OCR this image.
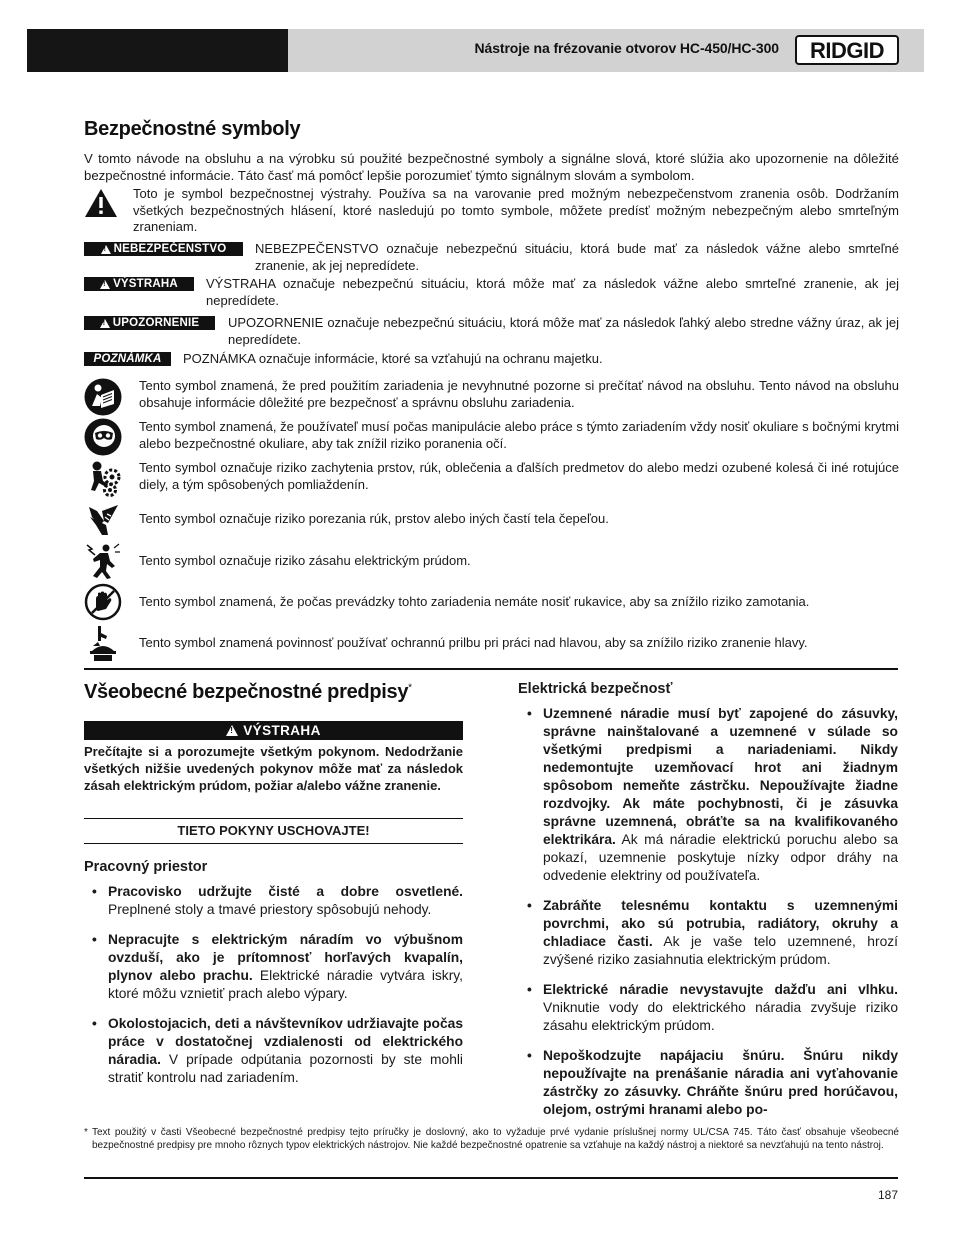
Nástroje na frézovanie otvorov HC-450/HC-300 RIDGID
Bezpečnostné symboly
V tomto návode na obsluhu a na výrobku sú použité bezpečnostné symboly a signálne slová, ktoré slúžia ako upozornenie na dôležité bezpečnostné informácie. Táto časť má pomôcť lepšie porozumieť týmto signálnym slovám a symbolom.
Toto je symbol bezpečnostnej výstrahy. Používa sa na varovanie pred možným nebezpečenstvom zranenia osôb. Dodržaním všetkých bezpečnostných hlásení, ktoré nasledujú po tomto symbole, môžete predísť možným nebezpečným alebo smrteľným zraneniam.
!
NEBEZPEČENSTVO NEBEZPEČENSTVO označuje nebezpečnú situáciu, ktorá bude mať za následok vážne alebo smrteľné zranenie, ak jej nepredídete.
!
VÝSTRAHA VÝSTRAHA označuje nebezpečnú situáciu, ktorá môže mať za následok vážne alebo smrteľné zranenie, ak jej nepredídete.
!
UPOZORNENIE UPOZORNENIE označuje nebezpečnú situáciu, ktorá môže mať za následok ľahký alebo stredne vážny úraz, ak jej nepredídete.
POZNÁMKA	POZNÁMKA označuje informácie, ktoré sa vzťahujú na ochranu majetku.
Tento symbol znamená, že pred použitím zariadenia je nevyhnutné pozorne si prečítať návod na obsluhu. Tento návod na obsluhu obsahuje informácie dôležité pre bezpečnosť a správnu obsluhu zariadenia.
Tento symbol znamená, že používateľ musí počas manipulácie alebo práce s týmto zariadením vždy nosiť okuliare s bočnými krytmi alebo bezpečnostné okuliare, aby tak znížil riziko poranenia očí.
Tento symbol označuje riziko zachytenia prstov, rúk, oblečenia a ďalších predmetov do alebo medzi ozubené kolesá či iné rotujúce diely, a tým spôsobených pomliaždenín.
Tento symbol označuje riziko porezania rúk, prstov alebo iných častí tela čepeľou.
Tento symbol označuje riziko zásahu elektrickým prúdom.
Tento symbol znamená, že počas prevádzky tohto zariadenia nemáte nosiť rukavice, aby sa znížilo riziko zamotania.
Tento symbol znamená povinnosť používať ochrannú prilbu pri práci nad hlavou, aby sa znížilo riziko zranenie hlavy.
Všeobecné bezpečnostné predpisy*
!
VÝSTRAHA
Prečítajte si a porozumejte všetkým pokynom. Nedodržanie všetkých nižšie uvedených pokynov môže mať za následok zásah elektrickým prúdom, požiar a/alebo vážne zranenie.
TIETO POKYNY USCHOVAJTE!
Pracovný priestor
• Pracovisko udržujte čisté a dobre osvetlené. Preplnené stoly a tmavé priestory spôsobujú nehody.
• Nepracujte s elektrickým náradím vo výbušnom ovzduší, ako je prítomnosť horľavých kvapalín, plynov alebo prachu. Elektrické náradie vytvára iskry, ktoré môžu vznietiť prach alebo výpary.
• Okolostojacich, deti a návštevníkov udržiavajte počas práce v dostatočnej vzdialenosti od elektrického náradia. V prípade odpútania pozornosti by ste mohli stratiť kontrolu nad zariadením.
Elektrická bezpečnosť
• Uzemnené náradie musí byť zapojené do zásuvky, správne nainštalované a uzemnené v súlade so všetkými predpismi a nariadeniami. Nikdy nedemontujte uzemňovací hrot ani žiadnym spôsobom nemeňte zástrčku. Nepoužívajte žiadne rozdvojky. Ak máte pochybnosti, či je zásuvka správne uzemnená, obráťte sa na kvalifikovaného elektrikára. Ak má náradie elektrickú poruchu alebo sa pokazí, uzemnenie poskytuje nízky odpor dráhy na odvedenie elektriny od používateľa.
• Zabráňte telesnému kontaktu s uzemnenými povrchmi, ako sú potrubia, radiátory, okruhy a chladiace časti. Ak je vaše telo uzemnené, hrozí zvýšené riziko zasiahnutia elektrickým prúdom.
• Elektrické náradie nevystavujte dažďu ani vlhku. Vniknutie vody do elektrického náradia zvyšuje riziko zásahu elektrickým prúdom.
• Nepoškodzujte napájaciu šnúru. Šnúru nikdy nepoužívajte na prenášanie náradia ani vyťahovanie zástrčky zo zásuvky. Chráňte šnúru pred horúčavou, olejom, ostrými hranami alebo po-
* Text použitý v časti Všeobecné bezpečnostné predpisy tejto príručky je doslovný, ako to vyžaduje prvé vydanie príslušnej normy UL/CSA 745. Táto časť obsahuje všeobecné bezpečnostné predpisy pre mnoho rôznych typov elektrických nástrojov. Nie každé bezpečnostné opatrenie sa vzťahuje na každý nástroj a niektoré sa nevzťahujú na tento nástroj.
187
